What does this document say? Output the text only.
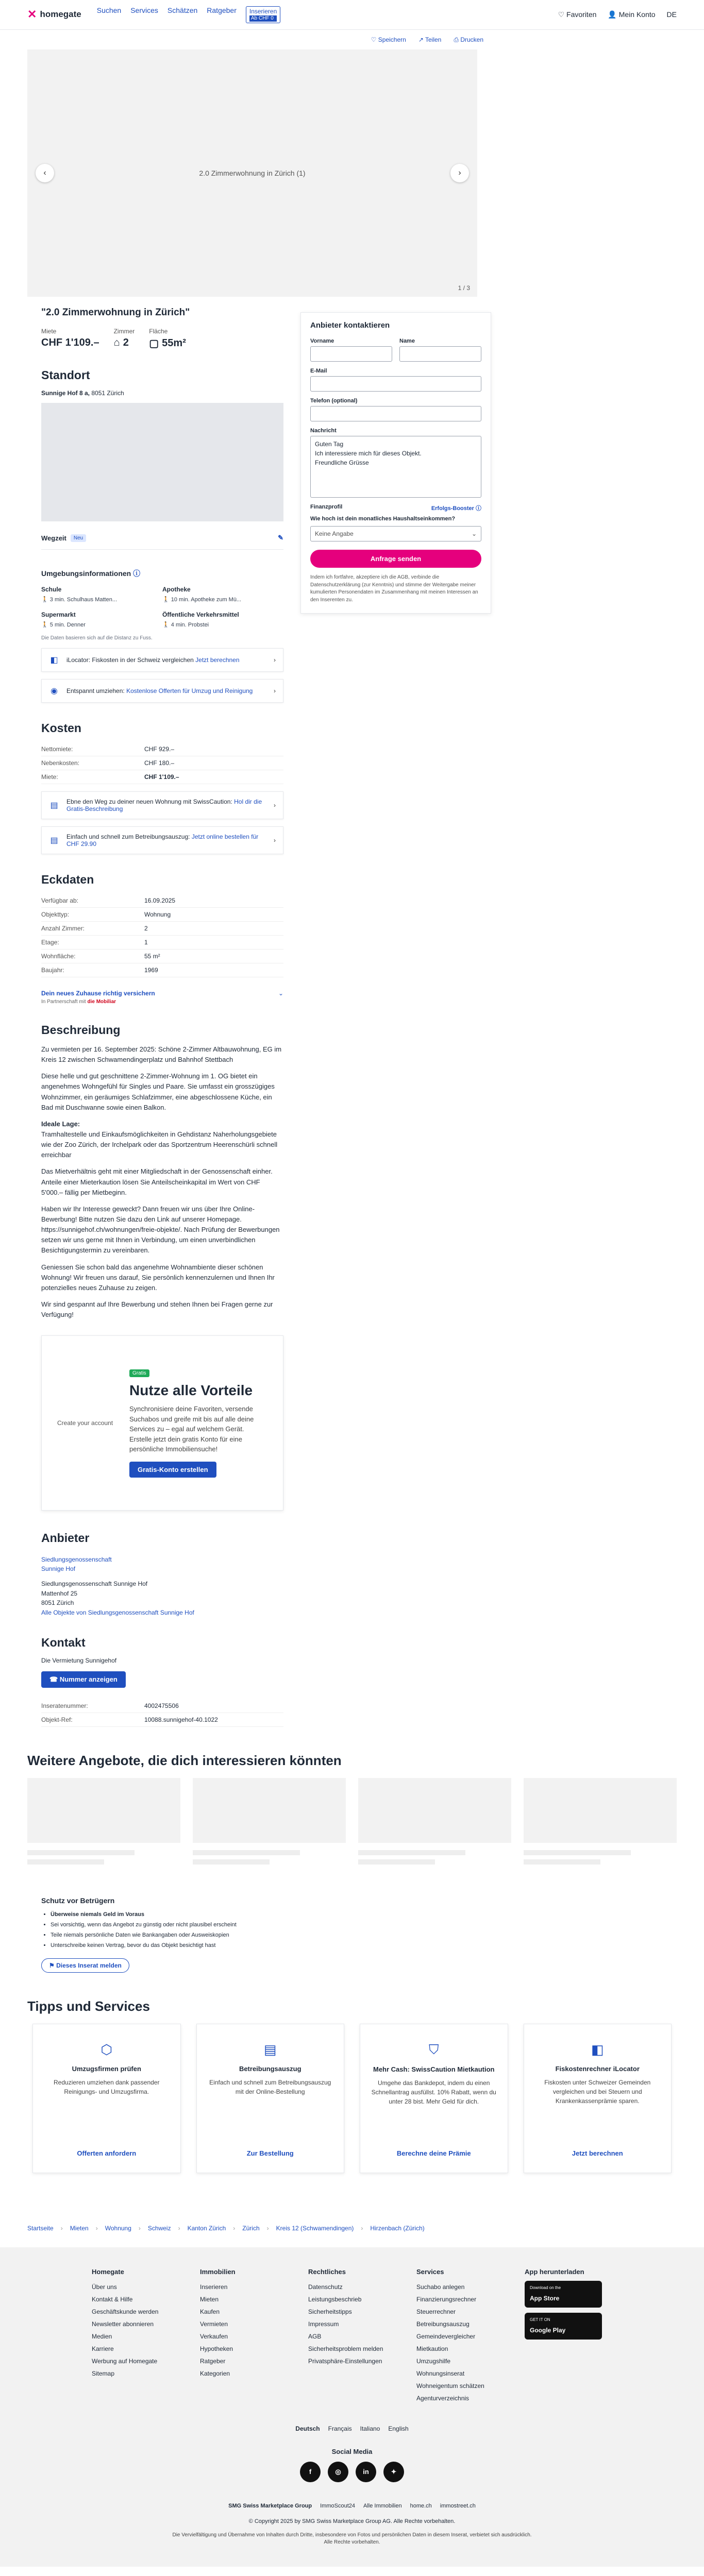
✕ homegate Suchen Services Schätzen Ratgeber	Inserieren
Ab CHF 0	♡ Favoriten 👤 Mein Konto DE
♡ Speichern ↗ Teilen ⎙ Drucken
‹	2.0 Zimmerwohnung in Zürich (1)	›
1 / 3
Anbieter kontaktieren
Vorname	Name
E-Mail
Telefon (optional)
Nachricht
Guten Tag
Ich interessiere mich für dieses Objekt.
Freundliche Grüsse
Finanzprofil	Erfolgs-Booster ⓘ
Wie hoch ist dein monatliches Haushaltseinkommen?
Keine Angabe	⌄
Anfrage senden
Indem ich fortfahre, akzeptiere ich die AGB, verbinde die Datenschutzerklärung (zur Kenntnis) und stimme der Weitergabe meiner kumulierten Personendaten im Zusammenhang mit meinen Interessen an den Inserenten zu.
"2.0 Zimmerwohnung in Zürich"
Miete
CHF 1'109.–
Zimmer
⌂ 2
Fläche
▢ 55m²
Standort
Sunnige Hof 8 a, 8051 Zürich
Wegzeit	Neu	✎
Umgebungsinformationen ⓘ
Schule
🚶 3 min. Schulhaus Matten...
Apotheke
🚶 10 min. Apotheke zum Mü...
Supermarkt
🚶 5 min. Denner
Öffentliche Verkehrsmittel
🚶 4 min. Probstei
Die Daten basieren sich auf die Distanz zu Fuss.
◧ iLocator: Fiskosten in der Schweiz vergleichen Jetzt berechnen	›
◉ Entspannt umziehen: Kostenlose Offerten für Umzug und Reinigung	›
Kosten
Nettomiete:	CHF 929.–
Nebenkosten:	CHF 180.–
Miete:	CHF 1'109.–
▤ Ebne den Weg zu deiner neuen Wohnung mit SwissCaution: Hol dir die Gratis-Beschreibung	›
▤ Einfach und schnell zum Betreibungsauszug: Jetzt online bestellen für CHF 29.90	›
Eckdaten
Verfügbar ab:	16.09.2025
Objekttyp:	Wohnung
Anzahl Zimmer:	2
Etage:	1
Wohnfläche:	55 m²
Baujahr:	1969
Dein neues Zuhause richtig versichern
In Partnerschaft mit die Mobiliar
⌄
Beschreibung

Zu vermieten per 16. September 2025: Schöne 2-Zimmer Altbauwohnung, EG im Kreis 12 zwischen Schwamendingerplatz und Bahnhof Stettbach

Diese helle und gut geschnittene 2-Zimmer-Wohnung im 1. OG bietet ein angenehmes Wohngefühl für Singles und Paare. Sie umfasst ein grosszügiges Wohnzimmer, ein geräumiges Schlafzimmer, eine abgeschlossene Küche, ein Bad mit Duschwanne sowie einen Balkon.

Ideale Lage:
Tramhaltestelle und Einkaufsmöglichkeiten in Gehdistanz Naherholungsgebiete wie der Zoo Zürich, der Irchelpark oder das Sportzentrum Heerenschürli schnell erreichbar

Das Mietverhältnis geht mit einer Mitgliedschaft in der Genossenschaft einher. Anteile einer Mieterkaution lösen Sie Anteilscheinkapital im Wert von CHF 5'000.– fällig per Mietbeginn.

Haben wir Ihr Interesse geweckt? Dann freuen wir uns über Ihre Online-Bewerbung! Bitte nutzen Sie dazu den Link auf unserer Homepage. https://sunnigehof.ch/wohnungen/freie-objekte/. Nach Prüfung der Bewerbungen setzen wir uns gerne mit Ihnen in Verbindung, um einen unverbindlichen Besichtigungstermin zu vereinbaren.

Geniessen Sie schon bald das angenehme Wohnambiente dieser schönen Wohnung! Wir freuen uns darauf, Sie persönlich kennenzulernen und Ihnen Ihr potenzielles neues Zuhause zu zeigen.

Wir sind gespannt auf Ihre Bewerbung und stehen Ihnen bei Fragen gerne zur Verfügung!

Create your account
Gratis
Nutze alle Vorteile

Synchronisiere deine Favoriten, versende Suchabos und greife mit bis auf alle deine Services zu – egal auf welchem Gerät. Erstelle jetzt dein gratis Konto für eine persönliche Immobiliensuche!

Gratis-Konto erstellen
Anbieter
Siedlungsgenossenschaft Sunnige Hof
Siedlungsgenossenschaft Sunnige Hof
Mattenhof 25
8051 Zürich
Alle Objekte von Siedlungsgenossenschaft Sunnige Hof
Kontakt
Die Vermietung Sunnigehof
☎ Nummer anzeigen
Inseratenummer:	4002475506
Objekt-Ref:	10088.sunnigehof-40.1022
Weitere Angebote, die dich interessieren könnten
Schutz vor Betrügern
• Überweise niemals Geld im Voraus
• Sei vorsichtig, wenn das Angebot zu günstig oder nicht plausibel erscheint
• Teile niemals persönliche Daten wie Bankangaben oder Ausweiskopien
• Unterschreibe keinen Vertrag, bevor du das Objekt besichtigt hast
⚑ Dieses Inserat melden
Tipps und Services
⬡
Umzugsfirmen prüfen

Reduzieren umziehen dank passender Reinigungs- und Umzugsfirma.

Offerten anfordern
▤
Betreibungsauszug

Einfach und schnell zum Betreibungsauszug mit der Online-Bestellung

Zur Bestellung
⛉
Mehr Cash: SwissCaution Mietkaution

Umgehe das Bankdepot, indem du einen Schnellantrag ausfüllst. 10% Rabatt, wenn du unter 28 bist. Mehr Geld für dich.

Berechne deine Prämie
◧
Fiskostenrechner iLocator

Fiskosten unter Schweizer Gemeinden vergleichen und bei Steuern und Krankenkassenprämie sparen.

Jetzt berechnen
Startseite › Mieten › Wohnung › Schweiz › Kanton Zürich › Zürich › Kreis 12 (Schwamendingen) › Hirzenbach (Zürich)
Homegate
Über uns
Kontakt & Hilfe
Geschäftskunde werden
Newsletter abonnieren
Medien
Karriere
Werbung auf Homegate
Sitemap
Immobilien
Inserieren
Mieten
Kaufen
Vermieten
Verkaufen
Hypotheken
Ratgeber
Kategorien
Rechtliches
Datenschutz
Leistungsbeschrieb
Sicherheitstipps
Impressum
AGB
Sicherheitsproblem melden
Privatsphäre-Einstellungen
Services
Suchabo anlegen
Finanzierungsrechner
Steuerrechner
Betreibungsauszug
Gemeindevergleicher
Mietkaution
Umzugshilfe
Wohnungsinserat
Wohneigentum schätzen
Agenturverzeichnis
App herunterladen
Download on the
App Store
GET IT ON
Google Play
Deutsch Français Italiano English
Social Media
f	◎	in	✦
SMG Swiss Marketplace Group ImmoScout24 Alle Immobilien home.ch immostreet.ch
© Copyright 2025 by SMG Swiss Marketplace Group AG. Alle Rechte vorbehalten.
Die Vervielfältigung und Übernahme von Inhalten durch Dritte, insbesondere von Fotos und persönlichen Daten in diesem Inserat, verbietet sich ausdrücklich. Alle Rechte vorbehalten.
